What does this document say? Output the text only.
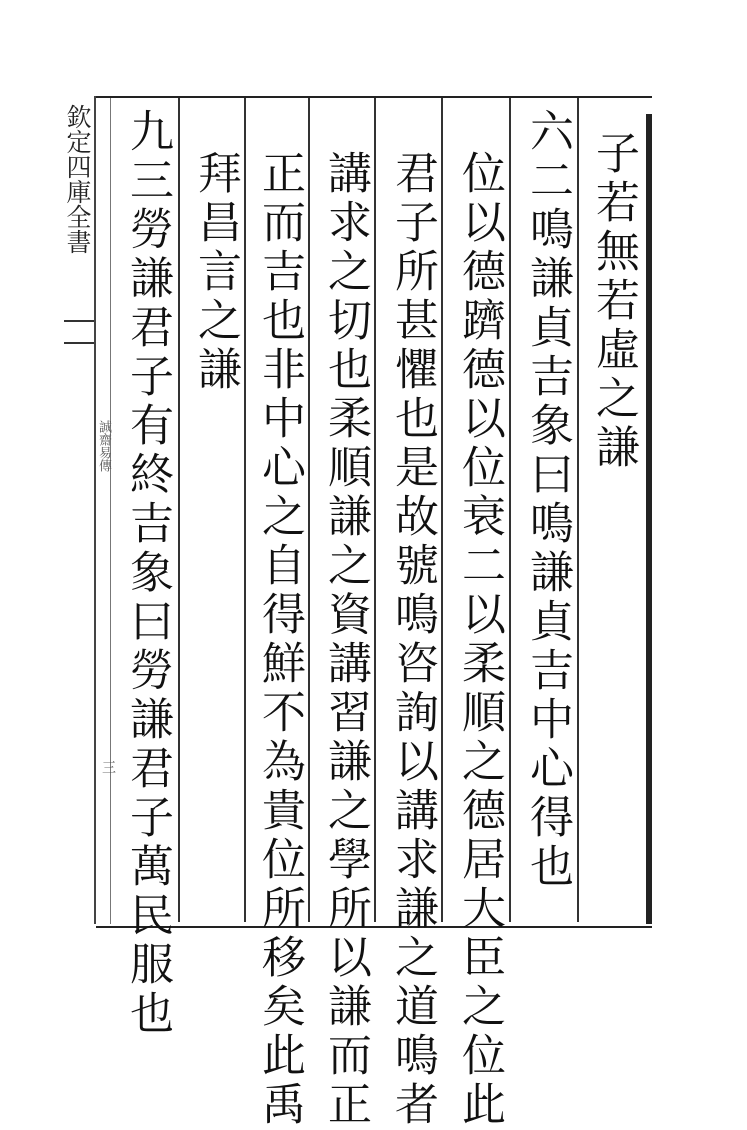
欽定四庫全書
誠齋易傳
三
子若無若虛之謙
六二鳴謙貞吉象曰鳴謙貞吉中心得也
位以德躋德以位衰二以柔順之德居大臣之位此
君子所甚懼也是故號鳴咨詢以講求謙之道鳴者
講求之切也柔順謙之資講習謙之學所以謙而正
正而吉也非中心之自得鮮不為貴位所移矣此禹
拜昌言之謙
九三勞謙君子有終吉象曰勞謙君子萬民服也
